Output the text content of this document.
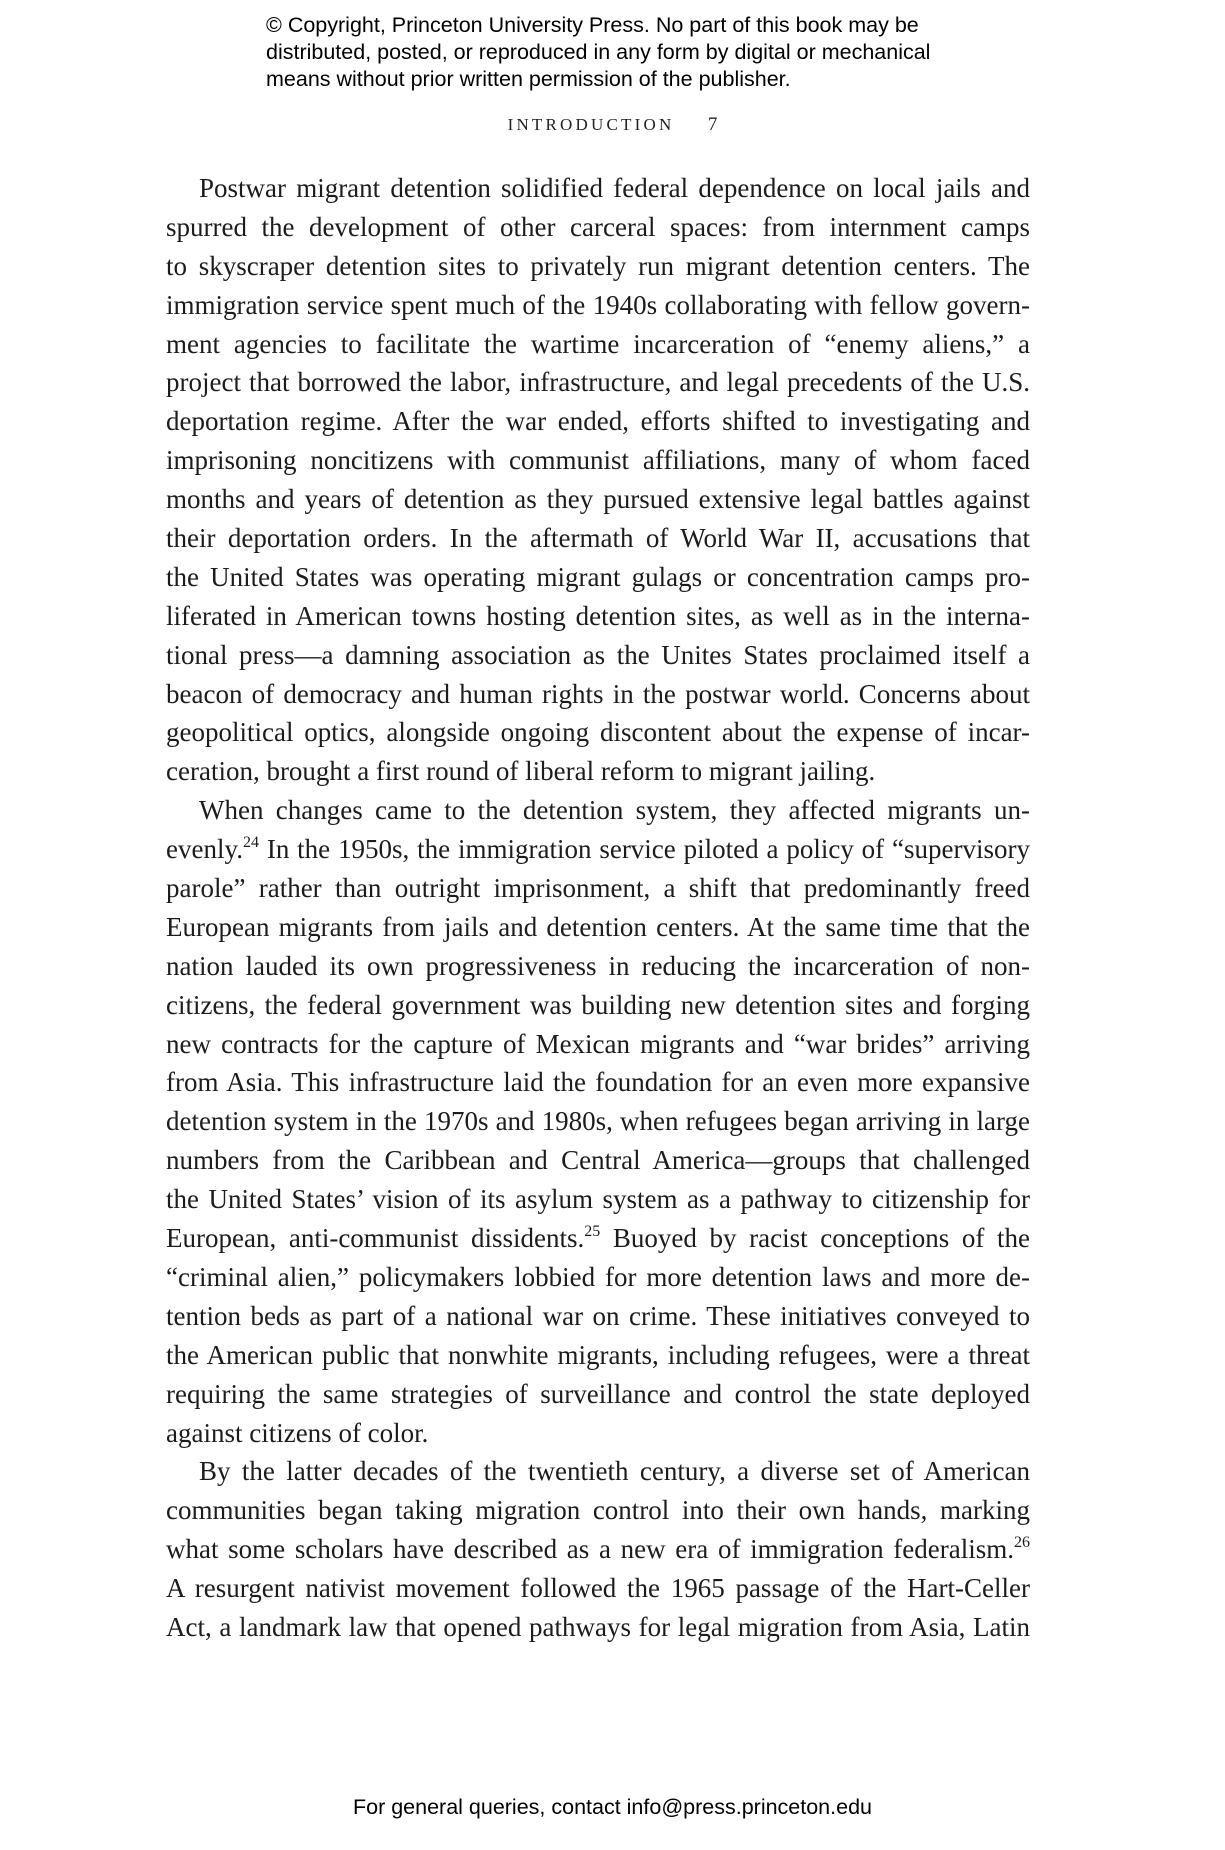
© Copyright, Princeton University Press. No part of this book may be
distributed, posted, or reproduced in any form by digital or mechanical
means without prior written permission of the publisher.
INTRODUCTION 7
Postwar migrant detention solidified federal dependence on local jails and
spurred the development of other carceral spaces: from internment camps
to skyscraper detention sites to privately run migrant detention centers. The
immigration service spent much of the 1940s collaborating with fellow govern-
ment agencies to facilitate the wartime incarceration of “enemy aliens,” a
project that borrowed the labor, infrastructure, and legal precedents of the U.S.
deportation regime. After the war ended, efforts shifted to investigating and
imprisoning noncitizens with communist affiliations, many of whom faced
months and years of detention as they pursued extensive legal battles against
their deportation orders. In the aftermath of World War II, accusations that
the United States was operating migrant gulags or concentration camps pro-
liferated in American towns hosting detention sites, as well as in the interna-
tional press—a damning association as the Unites States proclaimed itself a
beacon of democracy and human rights in the postwar world. Concerns about
geopolitical optics, alongside ongoing discontent about the expense of incar-
ceration, brought a first round of liberal reform to migrant jailing.
When changes came to the detention system, they affected migrants un-
evenly.$^{24}$ In the 1950s, the immigration service piloted a policy of “supervisory
parole” rather than outright imprisonment, a shift that predominantly freed
European migrants from jails and detention centers. At the same time that the
nation lauded its own progressiveness in reducing the incarceration of non-
citizens, the federal government was building new detention sites and forging
new contracts for the capture of Mexican migrants and “war brides” arriving
from Asia. This infrastructure laid the foundation for an even more expansive
detention system in the 1970s and 1980s, when refugees began arriving in large
numbers from the Caribbean and Central America—groups that challenged
the United States’ vision of its asylum system as a pathway to citizenship for
European, anti-communist dissidents.$^{25}$ Buoyed by racist conceptions of the
“criminal alien,” policymakers lobbied for more detention laws and more de-
tention beds as part of a national war on crime. These initiatives conveyed to
the American public that nonwhite migrants, including refugees, were a threat
requiring the same strategies of surveillance and control the state deployed
against citizens of color.
By the latter decades of the twentieth century, a diverse set of American
communities began taking migration control into their own hands, marking
what some scholars have described as a new era of immigration federalism.$^{26}$
A resurgent nativist movement followed the 1965 passage of the Hart-Celler
Act, a landmark law that opened pathways for legal migration from Asia, Latin
For general queries, contact info@press.princeton.edu
